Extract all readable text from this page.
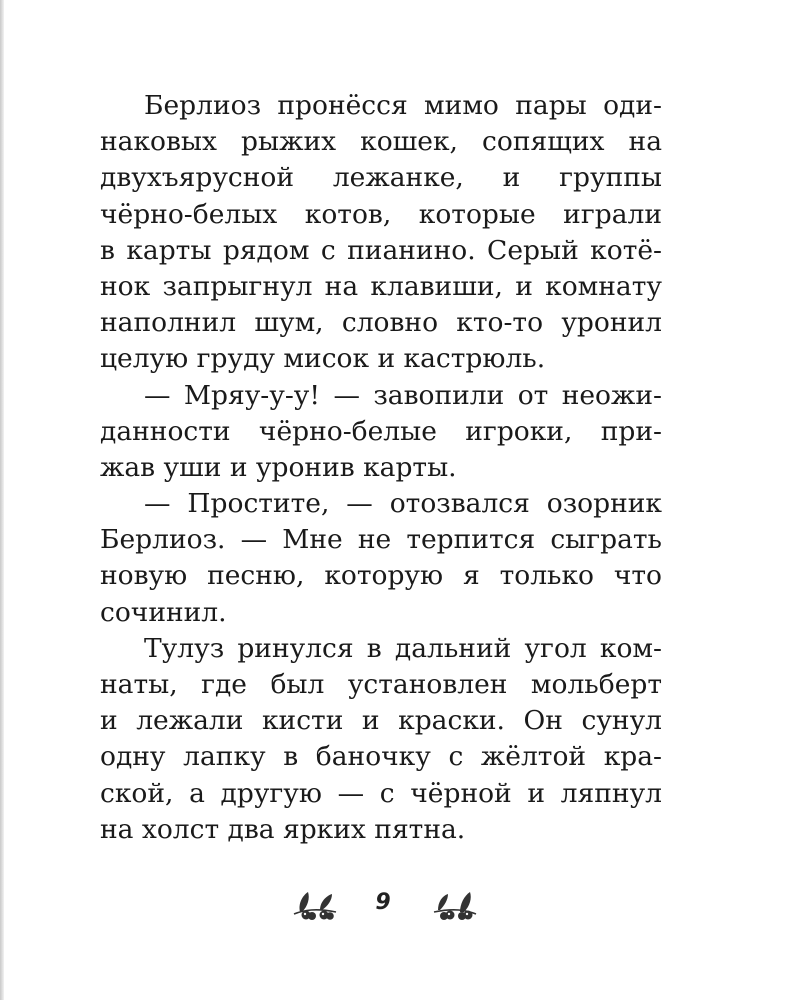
Берлиоз пронёсся мимо пары оди-
наковых рыжих кошек, сопящих на
двухъярусной лежанке, и группы
чёрно-белых котов, которые играли
в карты рядом с пианино. Серый котё-
нок запрыгнул на клавиши, и комнату
наполнил шум, словно кто-то уронил
целую груду мисок и кастрюль.
— Мряу-у-у! — завопили от неожи-
данности чёрно-белые игроки, при-
жав уши и уронив карты.
— Простите, — отозвался озорник
Берлиоз. — Мне не терпится сыграть
новую песню, которую я только что
сочинил.
Тулуз ринулся в дальний угол ком-
наты, где был установлен мольберт
и лежали кисти и краски. Он сунул
одну лапку в баночку с жёлтой кра-
ской, а другую — с чёрной и ляпнул
на холст два ярких пятна.
9
